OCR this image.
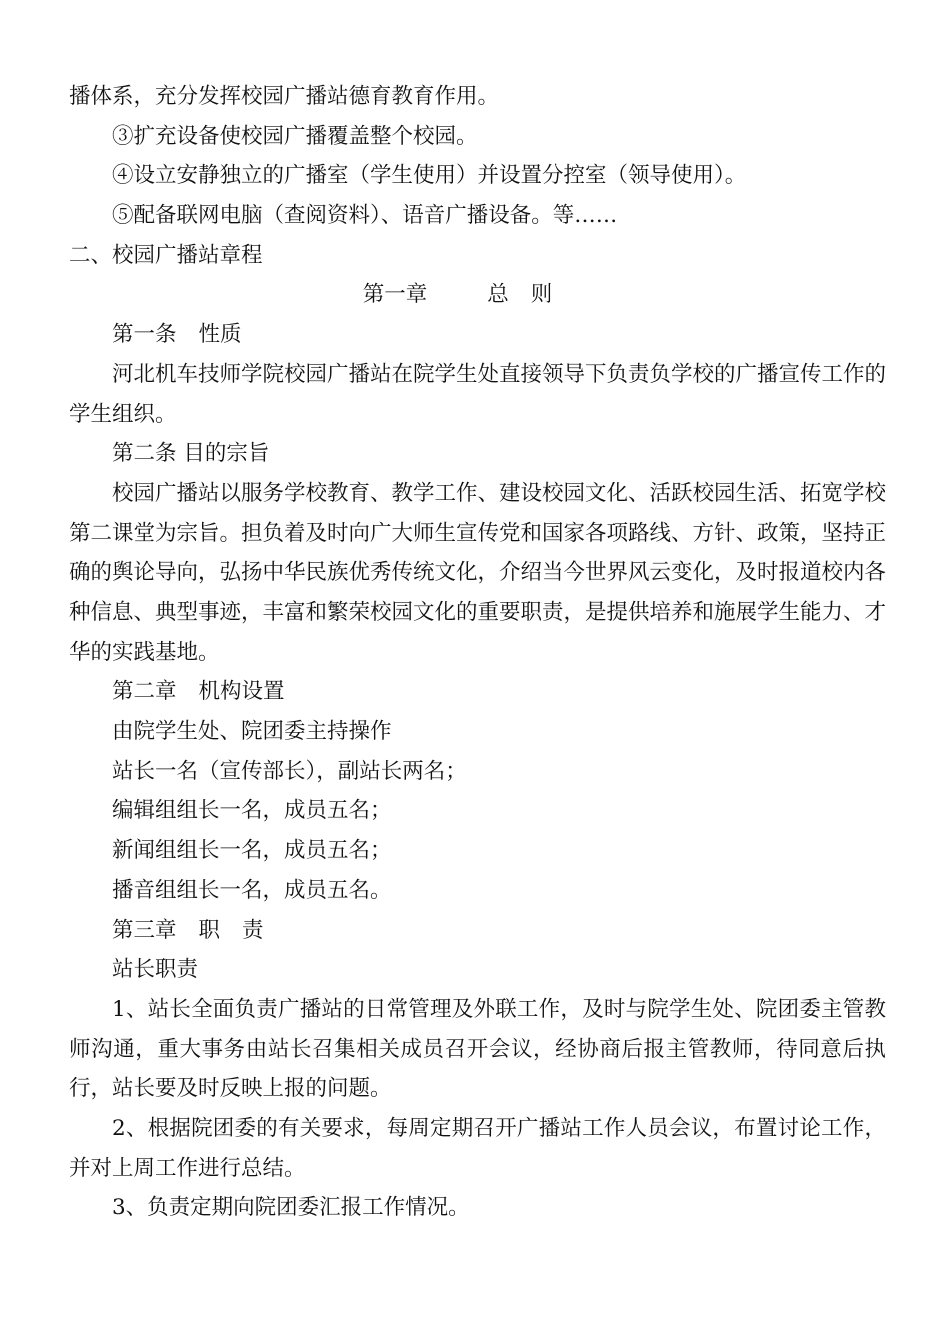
播体系，充分发挥校园广播站德育教育作用。

③扩充设备使校园广播覆盖整个校园。

④设立安静独立的广播室（学生使用）并设置分控室（领导使用）。

⑤配备联网电脑（查阅资料）、语音广播设备。等……

二、校园广播站章程

第一章	总 则

第一条 性质

河北机车技师学院校园广播站在院学生处直接领导下负责负学校的广播宣传工作的学生组织。

第二条 目的宗旨

校园广播站以服务学校教育、教学工作、建设校园文化、活跃校园生活、拓宽学校第二课堂为宗旨。担负着及时向广大师生宣传党和国家各项路线、方针、政策，坚持正确的舆论导向，弘扬中华民族优秀传统文化，介绍当今世界风云变化，及时报道校内各种信息、典型事迹，丰富和繁荣校园文化的重要职责，是提供培养和施展学生能力、才华的实践基地。

第二章 机构设置

由院学生处、院团委主持操作

站长一名（宣传部长），副站长两名；

编辑组组长一名，成员五名；

新闻组组长一名，成员五名；

播音组组长一名，成员五名。

第三章 职 责

站长职责

1、站长全面负责广播站的日常管理及外联工作，及时与院学生处、院团委主管教师沟通，重大事务由站长召集相关成员召开会议，经协商后报主管教师，待同意后执行，站长要及时反映上报的问题。

2、根据院团委的有关要求，每周定期召开广播站工作人员会议，布置讨论工作，并对上周工作进行总结。

3、负责定期向院团委汇报工作情况。
